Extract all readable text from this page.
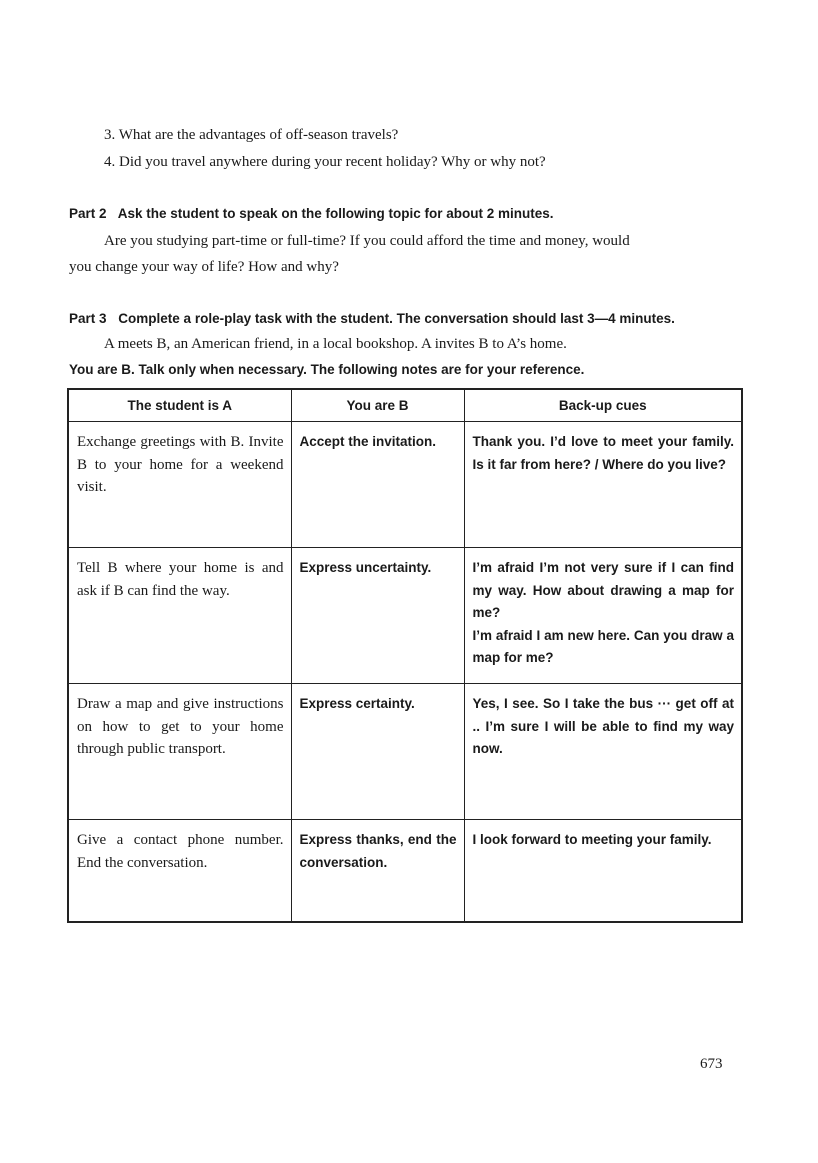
3. What are the advantages of off-season travels?
4. Did you travel anywhere during your recent holiday? Why or why not?
Part 2 Ask the student to speak on the following topic for about 2 minutes.
Are you studying part-time or full-time? If you could afford the time and money, would
you change your way of life? How and why?
Part 3 Complete a role-play task with the student. The conversation should last 3—4 minutes.
A meets B, an American friend, in a local bookshop. A invites B to A’s home.
You are B. Talk only when necessary. The following notes are for your reference.
The student is A	You are B	Back-up cues
Exchange greetings with B. Invite B to your home for a weekend visit.	Accept the invitation.	Thank you. I’d love to meet your family. Is it far from here? / Where do you live?

Tell B where your home is and ask if B can find the way.	Express uncertainty.	I’m afraid I’m not very sure if I can find my way. How about drawing a map for me?
I’m afraid I am new here. Can you draw a map for me?

Draw a map and give instructions on how to get to your home through public transport.	Express certainty.	Yes, I see. So I take the bus ··· get off at .. I’m sure I will be able to find my way now.

Give a contact phone number. End the conversation.	Express thanks, end the conversation.	I look forward to meeting your family.
673
